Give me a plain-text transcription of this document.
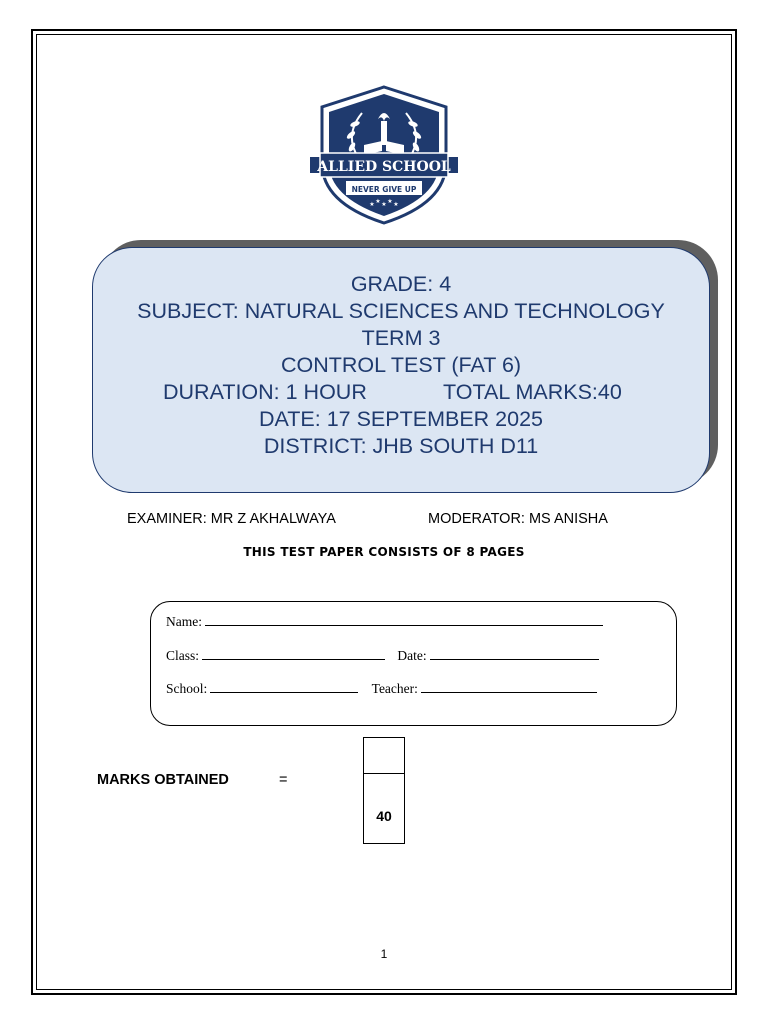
ALLIED SCHOOL
NEVER GIVE UP
★ ★ ★ ★ ★
GRADE: 4
SUBJECT: NATURAL SCIENCES AND TECHNOLOGY
TERM 3
CONTROL TEST (FAT 6)
DURATION: 1 HOUR	TOTAL MARKS:40
DATE: 17 SEPTEMBER 2025
DISTRICT: JHB SOUTH D11
EXAMINER: MR Z AKHALWAYA	MODERATOR: MS ANISHA
THIS TEST PAPER CONSISTS OF 8 PAGES
Name:
Class:	Date:
School:	Teacher:
MARKS OBTAINED	=
40
1
